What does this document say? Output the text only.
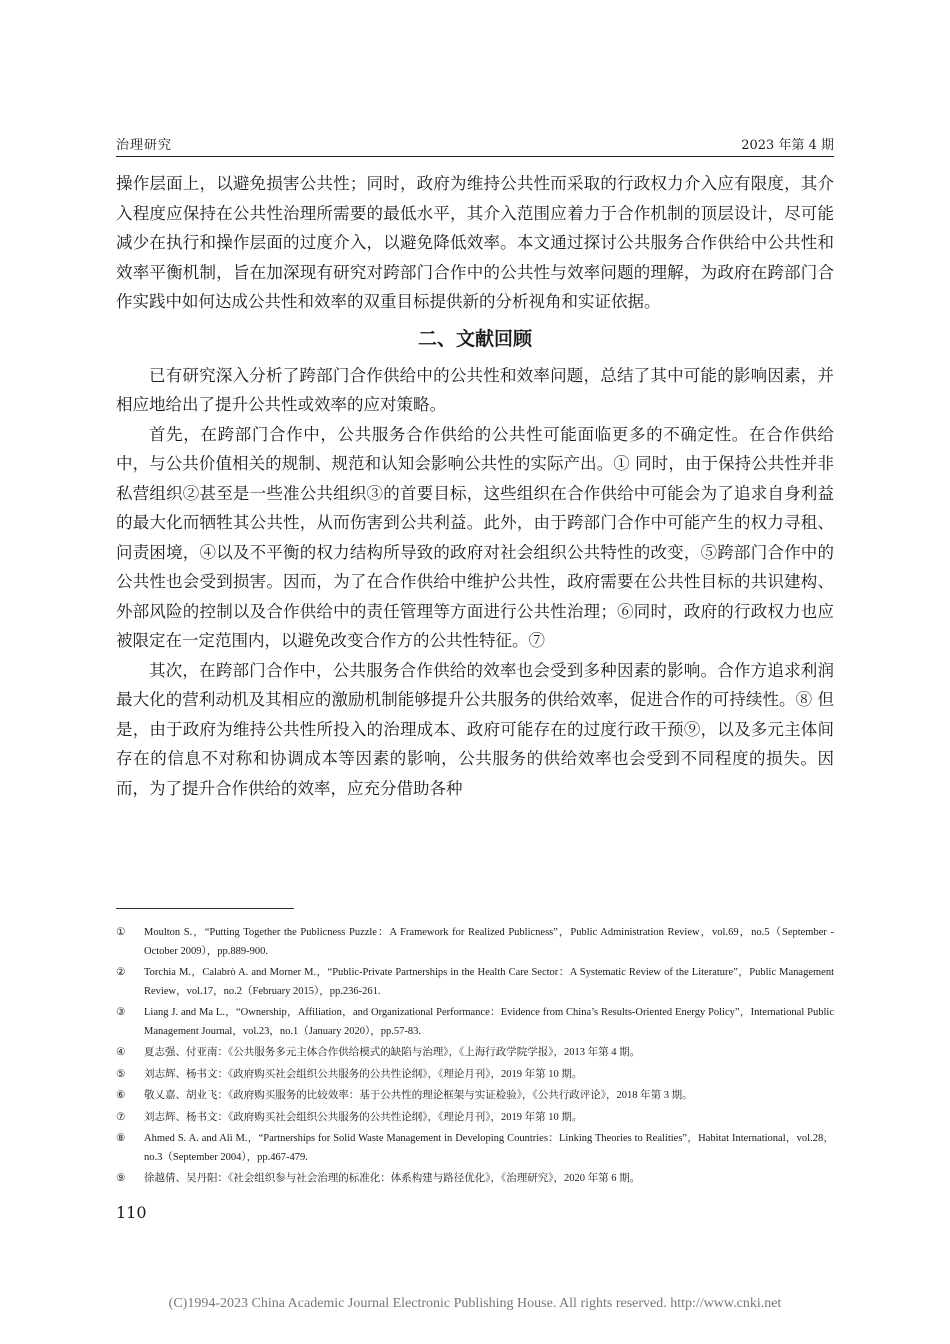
治理研究	2023 年第 4 期

操作层面上，以避免损害公共性；同时，政府为维持公共性而采取的行政权力介入应有限度，其介入程度应保持在公共性治理所需要的最低水平，其介入范围应着力于合作机制的顶层设计，尽可能减少在执行和操作层面的过度介入，以避免降低效率。本文通过探讨公共服务合作供给中公共性和效率平衡机制，旨在加深现有研究对跨部门合作中的公共性与效率问题的理解，为政府在跨部门合作实践中如何达成公共性和效率的双重目标提供新的分析视角和实证依据。

二、文献回顾

已有研究深入分析了跨部门合作供给中的公共性和效率问题，总结了其中可能的影响因素，并相应地给出了提升公共性或效率的应对策略。

首先，在跨部门合作中，公共服务合作供给的公共性可能面临更多的不确定性。在合作供给中，与公共价值相关的规制、规范和认知会影响公共性的实际产出。① 同时，由于保持公共性并非私营组织②甚至是一些准公共组织③的首要目标，这些组织在合作供给中可能会为了追求自身利益的最大化而牺牲其公共性，从而伤害到公共利益。此外，由于跨部门合作中可能产生的权力寻租、问责困境，④以及不平衡的权力结构所导致的政府对社会组织公共特性的改变，⑤跨部门合作中的公共性也会受到损害。因而，为了在合作供给中维护公共性，政府需要在公共性目标的共识建构、外部风险的控制以及合作供给中的责任管理等方面进行公共性治理；⑥同时，政府的行政权力也应被限定在一定范围内，以避免改变合作方的公共性特征。⑦

其次，在跨部门合作中，公共服务合作供给的效率也会受到多种因素的影响。合作方追求利润最大化的营利动机及其相应的激励机制能够提升公共服务的供给效率，促进合作的可持续性。⑧ 但是，由于政府为维持公共性所投入的治理成本、政府可能存在的过度行政干预⑨，以及多元主体间存在的信息不对称和协调成本等因素的影响，公共服务的供给效率也会受到不同程度的损失。因而，为了提升合作供给的效率，应充分借助各种

① Moulton S.，“Putting Together the Publicness Puzzle：A Framework for Realized Publicness”，Public Administration Review，vol.69，no.5（September - October 2009），pp.889-900.
② Torchia M.，Calabrò A. and Morner M.，“Public-Private Partnerships in the Health Care Sector：A Systematic Review of the Literature”，Public Management Review，vol.17，no.2（February 2015），pp.236-261.
③ Liang J. and Ma L.，“Ownership，Affiliation，and Organizational Performance：Evidence from China’s Results-Oriented Energy Policy”，International Public Management Journal，vol.23，no.1（January 2020），pp.57-83.
④ 夏志强、付亚南：《公共服务多元主体合作供给模式的缺陷与治理》，《上海行政学院学报》，2013 年第 4 期。
⑤ 刘志辉、杨书文：《政府购买社会组织公共服务的公共性论纲》，《理论月刊》，2019 年第 10 期。
⑥ 敬乂嘉、胡业飞：《政府购买服务的比较效率：基于公共性的理论框架与实证检验》，《公共行政评论》，2018 年第 3 期。
⑦ 刘志辉、杨书文：《政府购买社会组织公共服务的公共性论纲》，《理论月刊》，2019 年第 10 期。
⑧ Ahmed S. A. and Ali M.，“Partnerships for Solid Waste Management in Developing Countries：Linking Theories to Realities”，Habitat International，vol.28，no.3（September 2004），pp.467-479.
⑨ 徐越倩、吴丹阳：《社会组织参与社会治理的标准化：体系构建与路径优化》，《治理研究》，2020 年第 6 期。
110
(C)1994-2023 China Academic Journal Electronic Publishing House. All rights reserved. http://www.cnki.net
